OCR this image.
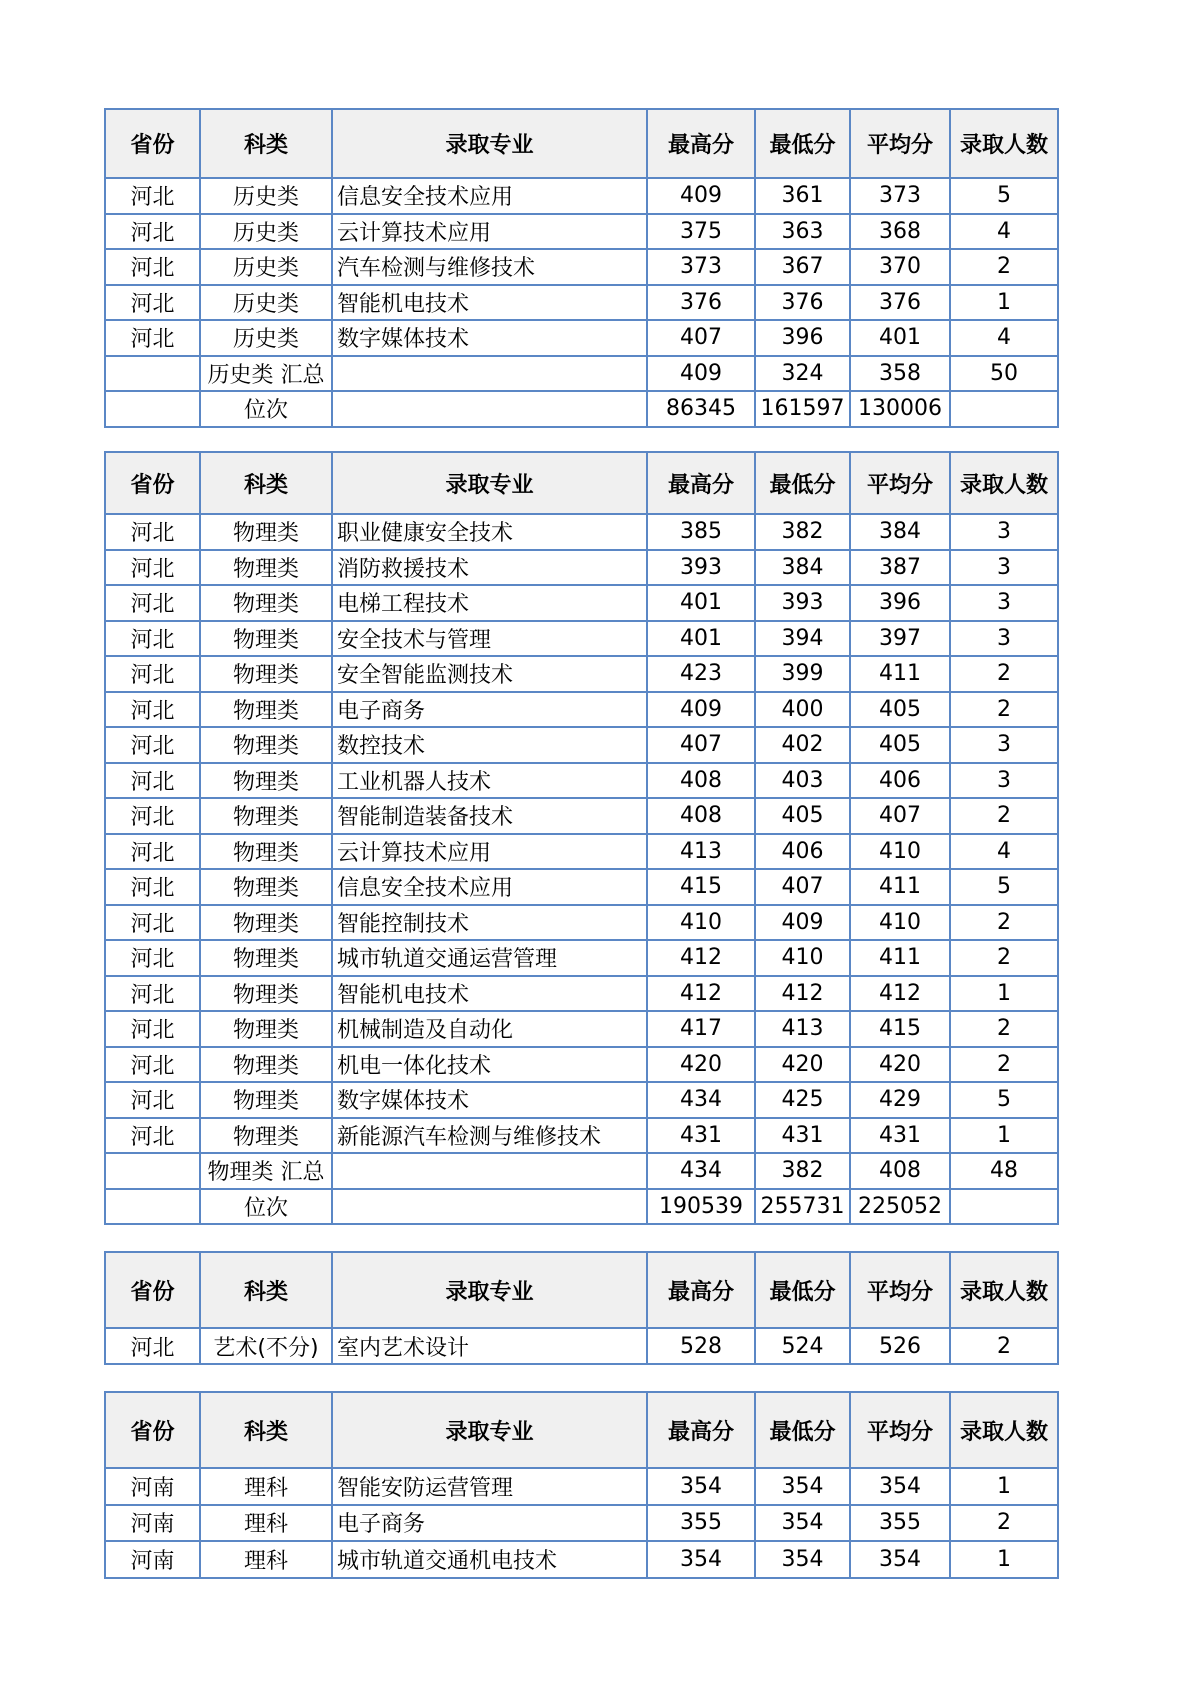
省份	科类	录取专业	最高分	最低分	平均分	录取人数
河北	历史类	信息安全技术应用	409	361	373	5
河北	历史类	云计算技术应用	375	363	368	4
河北	历史类	汽车检测与维修技术	373	367	370	2
河北	历史类	智能机电技术	376	376	376	1
河北	历史类	数字媒体技术	407	396	401	4
	历史类 汇总		409	324	358	50
	位次		86345	161597	130006	
省份	科类	录取专业	最高分	最低分	平均分	录取人数
河北	物理类	职业健康安全技术	385	382	384	3
河北	物理类	消防救援技术	393	384	387	3
河北	物理类	电梯工程技术	401	393	396	3
河北	物理类	安全技术与管理	401	394	397	3
河北	物理类	安全智能监测技术	423	399	411	2
河北	物理类	电子商务	409	400	405	2
河北	物理类	数控技术	407	402	405	3
河北	物理类	工业机器人技术	408	403	406	3
河北	物理类	智能制造装备技术	408	405	407	2
河北	物理类	云计算技术应用	413	406	410	4
河北	物理类	信息安全技术应用	415	407	411	5
河北	物理类	智能控制技术	410	409	410	2
河北	物理类	城市轨道交通运营管理	412	410	411	2
河北	物理类	智能机电技术	412	412	412	1
河北	物理类	机械制造及自动化	417	413	415	2
河北	物理类	机电一体化技术	420	420	420	2
河北	物理类	数字媒体技术	434	425	429	5
河北	物理类	新能源汽车检测与维修技术	431	431	431	1
	物理类 汇总		434	382	408	48
	位次		190539	255731	225052	
省份	科类	录取专业	最高分	最低分	平均分	录取人数
河北	艺术(不分)	室内艺术设计	528	524	526	2
省份	科类	录取专业	最高分	最低分	平均分	录取人数
河南	理科	智能安防运营管理	354	354	354	1
河南	理科	电子商务	355	354	355	2
河南	理科	城市轨道交通机电技术	354	354	354	1
